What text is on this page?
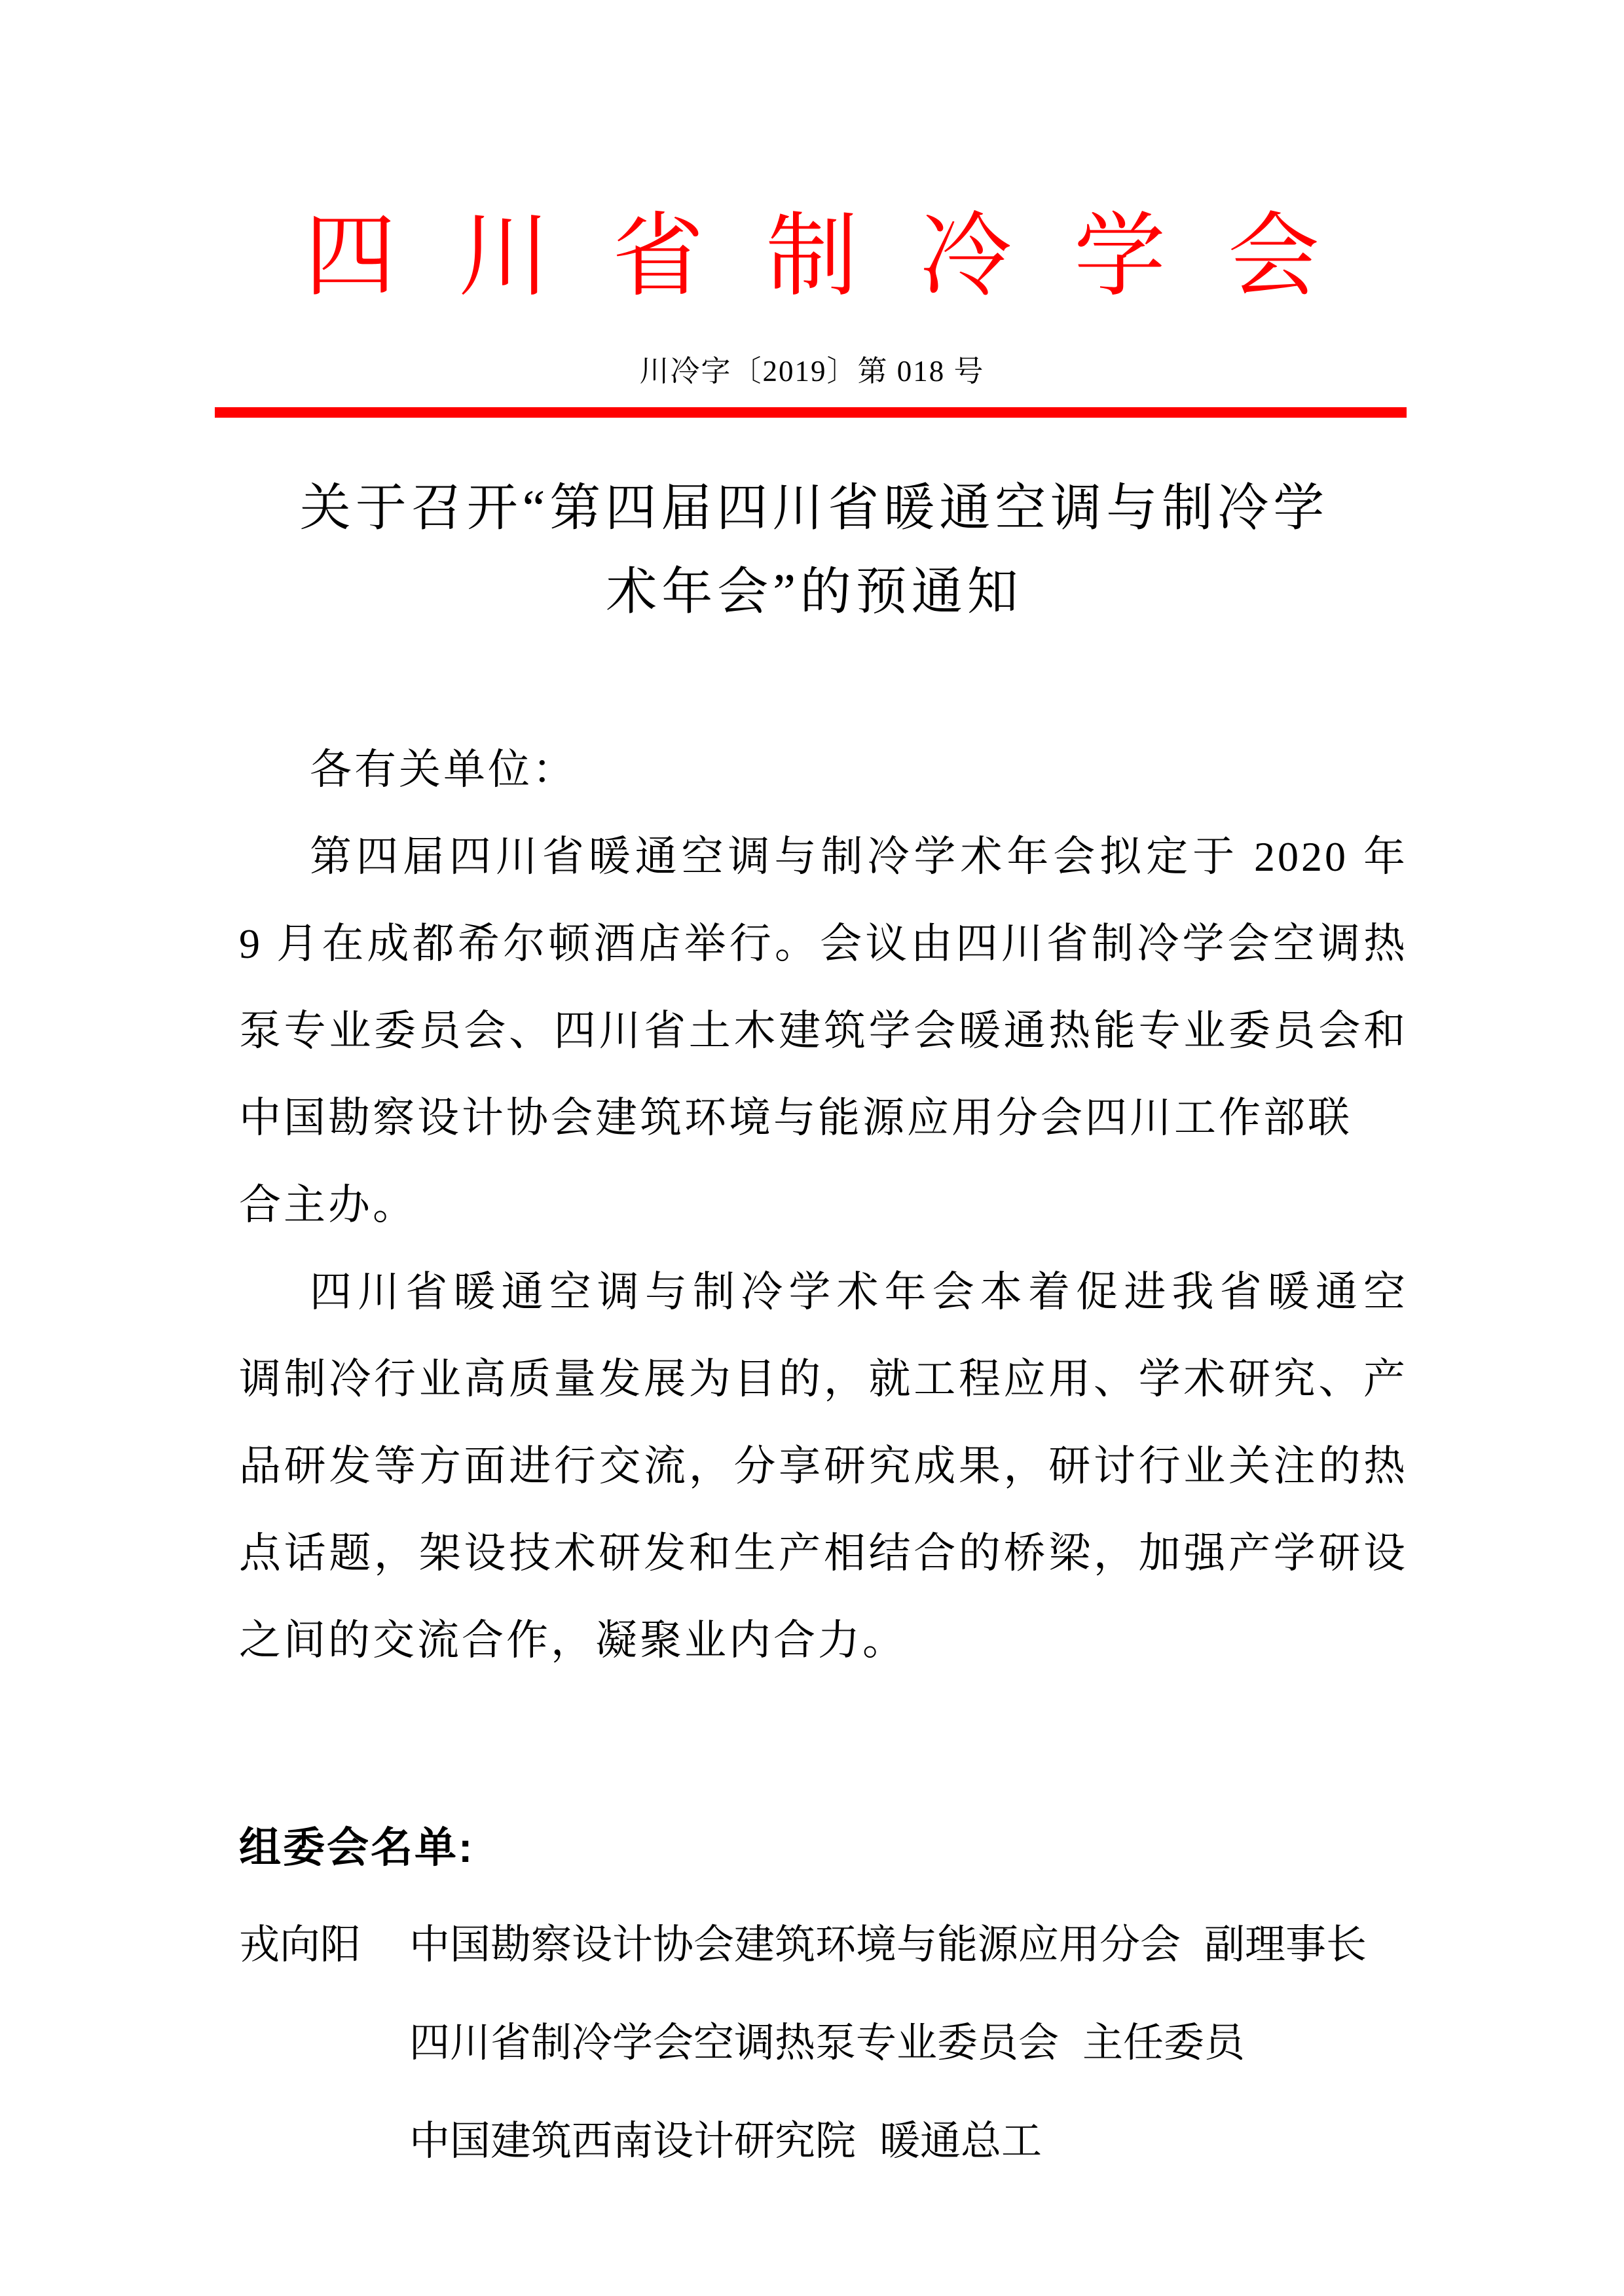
四川省制冷学会
川冷字〔2019〕第 018 号
关于召开“第四届四川省暖通空调与制冷学
术年会”的预通知
各有关单位：
第四届四川省暖通空调与制冷学术年会拟定于 2020 年
9 月在成都希尔顿酒店举行。会议由四川省制冷学会空调热
泵专业委员会、四川省土木建筑学会暖通热能专业委员会和
中国勘察设计协会建筑环境与能源应用分会四川工作部联
合主办。
四川省暖通空调与制冷学术年会本着促进我省暖通空
调制冷行业高质量发展为目的，就工程应用、学术研究、产
品研发等方面进行交流，分享研究成果，研讨行业关注的热
点话题，架设技术研发和生产相结合的桥梁，加强产学研设
之间的交流合作，凝聚业内合力。
组委会名单:
戎向阳 中国勘察设计协会建筑环境与能源应用分会 副理事长
四川省制冷学会空调热泵专业委员会 主任委员
中国建筑西南设计研究院 暖通总工
